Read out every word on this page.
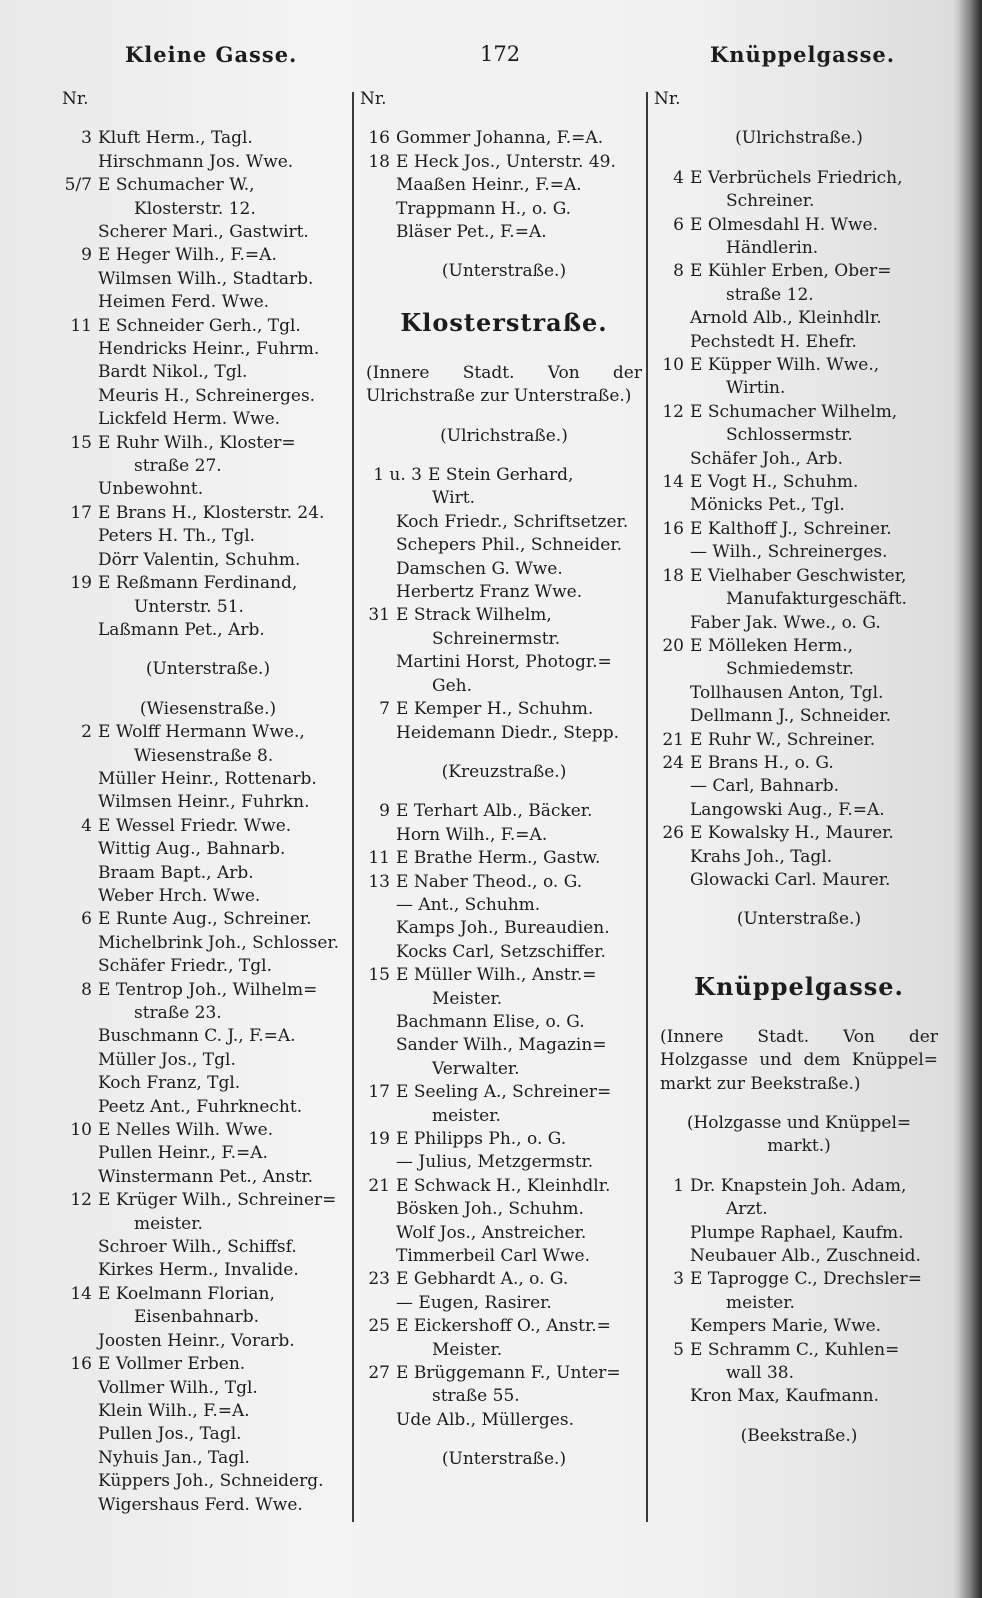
Kleine Gasse.	172	Knüppelgasse.
Nr.
3 Kluft Herm., Tagl.
Hirschmann Jos. Wwe.
5/7 E Schumacher W.,
Klosterstr. 12.
Scherer Mari., Gastwirt.
9 E Heger Wilh., F.=A.
Wilmsen Wilh., Stadtarb.
Heimen Ferd. Wwe.
11 E Schneider Gerh., Tgl.
Hendricks Heinr., Fuhrm.
Bardt Nikol., Tgl.
Meuris H., Schreinerges.
Lickfeld Herm. Wwe.
15 E Ruhr Wilh., Kloster=
straße 27.
Unbewohnt.
17 E Brans H., Klosterstr. 24.
Peters H. Th., Tgl.
Dörr Valentin, Schuhm.
19 E Reßmann Ferdinand,
Unterstr. 51.
Laßmann Pet., Arb.
(Unterstraße.)
(Wiesenstraße.)
2 E Wolff Hermann Wwe.,
Wiesenstraße 8.
Müller Heinr., Rottenarb.
Wilmsen Heinr., Fuhrkn.
4 E Wessel Friedr. Wwe.
Wittig Aug., Bahnarb.
Braam Bapt., Arb.
Weber Hrch. Wwe.
6 E Runte Aug., Schreiner.
Michelbrink Joh., Schlosser.
Schäfer Friedr., Tgl.
8 E Tentrop Joh., Wilhelm=
straße 23.
Buschmann C. J., F.=A.
Müller Jos., Tgl.
Koch Franz, Tgl.
Peetz Ant., Fuhrknecht.
10 E Nelles Wilh. Wwe.
Pullen Heinr., F.=A.
Winstermann Pet., Anstr.
12 E Krüger Wilh., Schreiner=
meister.
Schroer Wilh., Schiffsf.
Kirkes Herm., Invalide.
14 E Koelmann Florian,
Eisenbahnarb.
Joosten Heinr., Vorarb.
16 E Vollmer Erben.
Vollmer Wilh., Tgl.
Klein Wilh., F.=A.
Pullen Jos., Tagl.
Nyhuis Jan., Tagl.
Küppers Joh., Schneiderg.
Wigershaus Ferd. Wwe.
Nr.
16 Gommer Johanna, F.=A.
18 E Heck Jos., Unterstr. 49.
Maaßen Heinr., F.=A.
Trappmann H., o. G.
Bläser Pet., F.=A.
(Unterstraße.)
Klosterstraße.
(Innere Stadt. Von der Ulrichstraße zur Unterstraße.)
(Ulrichstraße.)
1 u. 3 E Stein Gerhard,
Wirt.
Koch Friedr., Schriftsetzer.
Schepers Phil., Schneider.
Damschen G. Wwe.
Herbertz Franz Wwe.
31 E Strack Wilhelm,
Schreinermstr.
Martini Horst, Photogr.=
Geh.
7 E Kemper H., Schuhm.
Heidemann Diedr., Stepp.
(Kreuzstraße.)
9 E Terhart Alb., Bäcker.
Horn Wilh., F.=A.
11 E Brathe Herm., Gastw.
13 E Naber Theod., o. G.
— Ant., Schuhm.
Kamps Joh., Bureaudien.
Kocks Carl, Setzschiffer.
15 E Müller Wilh., Anstr.=
Meister.
Bachmann Elise, o. G.
Sander Wilh., Magazin=
Verwalter.
17 E Seeling A., Schreiner=
meister.
19 E Philipps Ph., o. G.
— Julius, Metzgermstr.
21 E Schwack H., Kleinhdlr.
Bösken Joh., Schuhm.
Wolf Jos., Anstreicher.
Timmerbeil Carl Wwe.
23 E Gebhardt A., o. G.
— Eugen, Rasirer.
25 E Eickershoff O., Anstr.=
Meister.
27 E Brüggemann F., Unter=
straße 55.
Ude Alb., Müllerges.
(Unterstraße.)
Nr.
(Ulrichstraße.)
4 E Verbrüchels Friedrich,
Schreiner.
6 E Olmesdahl H. Wwe.
Händlerin.
8 E Kühler Erben, Ober=
straße 12.
Arnold Alb., Kleinhdlr.
Pechstedt H. Ehefr.
10 E Küpper Wilh. Wwe.,
Wirtin.
12 E Schumacher Wilhelm,
Schlossermstr.
Schäfer Joh., Arb.
14 E Vogt H., Schuhm.
Mönicks Pet., Tgl.
16 E Kalthoff J., Schreiner.
— Wilh., Schreinerges.
18 E Vielhaber Geschwister,
Manufakturgeschäft.
Faber Jak. Wwe., o. G.
20 E Mölleken Herm.,
Schmiedemstr.
Tollhausen Anton, Tgl.
Dellmann J., Schneider.
21 E Ruhr W., Schreiner.
24 E Brans H., o. G.
— Carl, Bahnarb.
Langowski Aug., F.=A.
26 E Kowalsky H., Maurer.
Krahs Joh., Tagl.
Glowacki Carl. Maurer.
(Unterstraße.)
Knüppelgasse.
(Innere Stadt. Von der Holzgasse und dem Knüppel= markt zur Beekstraße.)
(Holzgasse und Knüppel=
markt.)
1 Dr. Knapstein Joh. Adam,
Arzt.
Plumpe Raphael, Kaufm.
Neubauer Alb., Zuschneid.
3 E Taprogge C., Drechsler=
meister.
Kempers Marie, Wwe.
5 E Schramm C., Kuhlen=
wall 38.
Kron Max, Kaufmann.
(Beekstraße.)
